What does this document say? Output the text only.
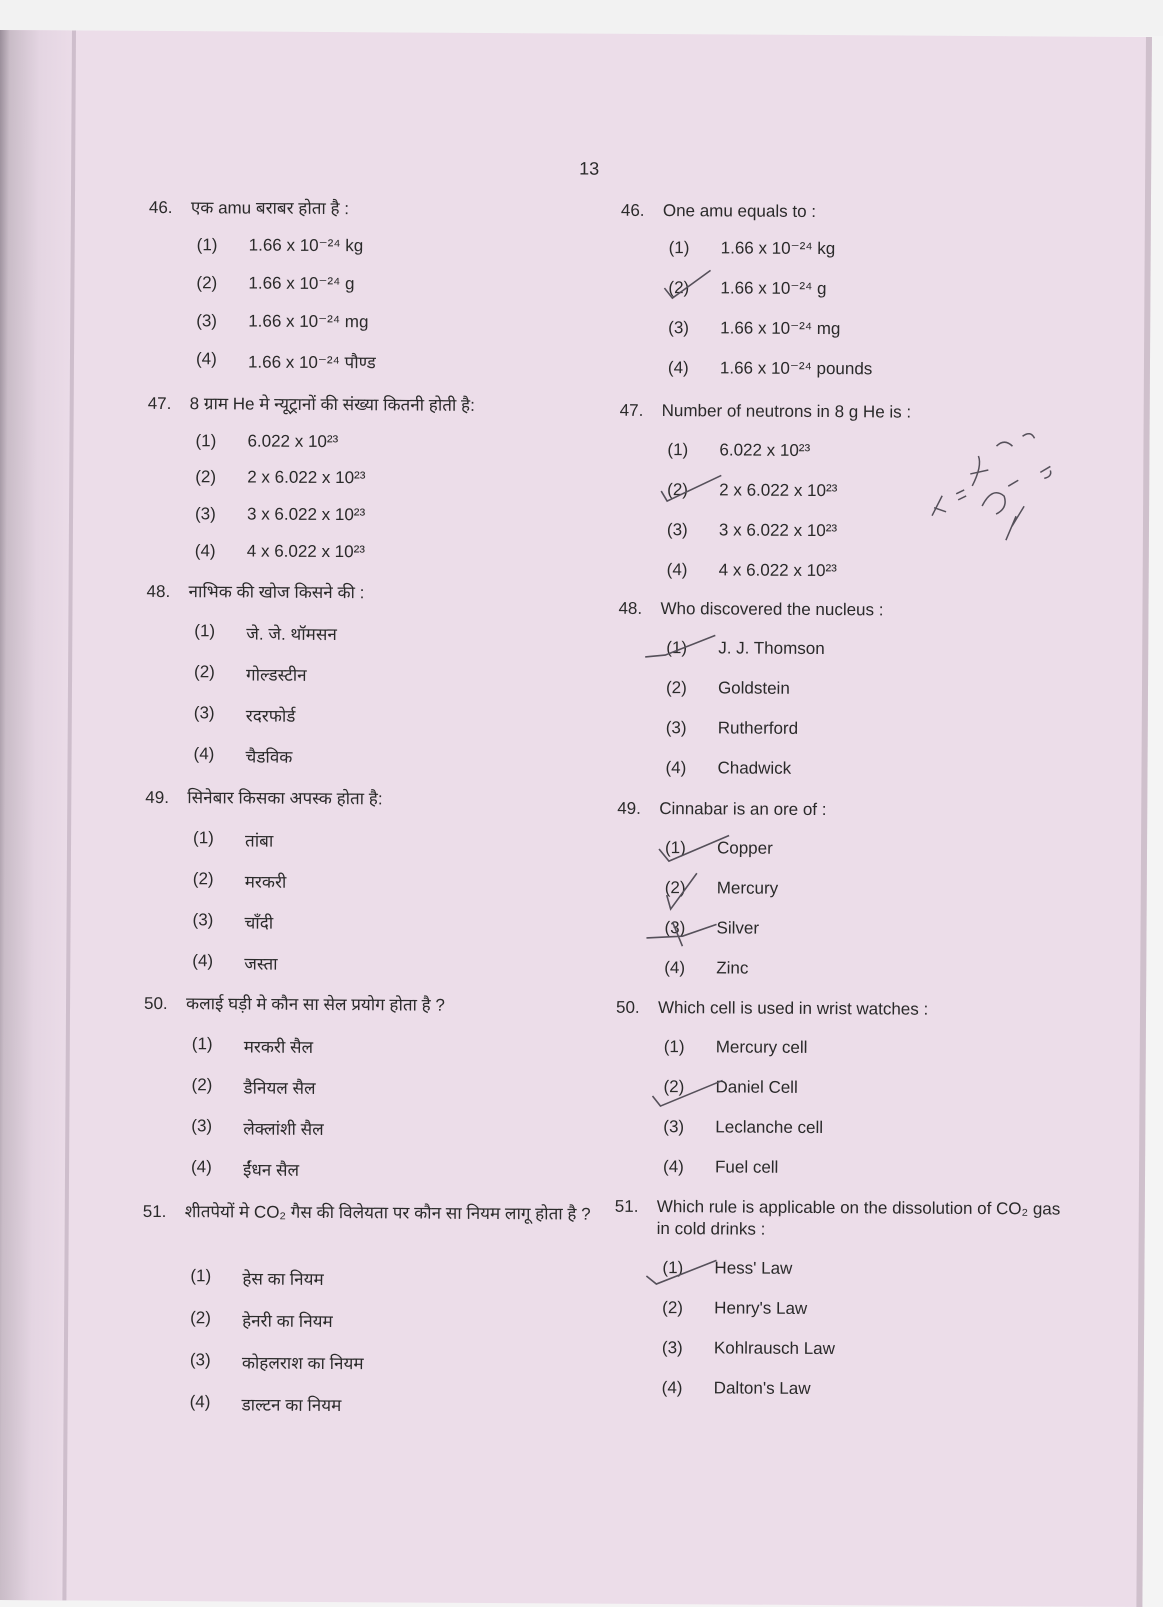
13
46.	एक amu बराबर होता है :
(1)	1.66 x 10⁻²⁴ kg
(2)	1.66 x 10⁻²⁴ g
(3)	1.66 x 10⁻²⁴ mg
(4)	1.66 x 10⁻²⁴ पौण्ड
47.	8 ग्राम He मे न्यूट्रानों की संख्या कितनी होती है:
(1)	6.022 x 10²³
(2)	2 x 6.022 x 10²³
(3)	3 x 6.022 x 10²³
(4)	4 x 6.022 x 10²³
48.	नाभिक की खोज किसने की :
(1)	जे. जे. थॉमसन
(2)	गोल्डस्टीन
(3)	रदरफोर्ड
(4)	चैडविक
49.	सिनेबार किसका अपस्क होता है:
(1)	तांबा
(2)	मरकरी
(3)	चाँदी
(4)	जस्ता
50.	कलाई घड़ी मे कौन सा सेल प्रयोग होता है ?
(1)	मरकरी सैल
(2)	डैनियल सैल
(3)	लेक्लांशी सैल
(4)	ईंधन सैल
51.	शीतपेयों मे CO₂ गैस की विलेयता पर कौन सा नियम लागू होता है ?
(1)	हेस का नियम
(2)	हेनरी का नियम
(3)	कोहलराश का नियम
(4)	डाल्टन का नियम
46.	One amu equals to :
(1)	1.66 x 10⁻²⁴ kg
(2)	1.66 x 10⁻²⁴ g
(3)	1.66 x 10⁻²⁴ mg
(4)	1.66 x 10⁻²⁴ pounds
47.	Number of neutrons in 8 g He is :
(1)	6.022 x 10²³
(2)	2 x 6.022 x 10²³
(3)	3 x 6.022 x 10²³
(4)	4 x 6.022 x 10²³
48.	Who discovered the nucleus :
(1)	J. J. Thomson
(2)	Goldstein
(3)	Rutherford
(4)	Chadwick
49.	Cinnabar is an ore of :
(1)	Copper
(2)	Mercury
(3)	Silver
(4)	Zinc
50.	Which cell is used in wrist watches :
(1)	Mercury cell
(2)	Daniel Cell
(3)	Leclanche cell
(4)	Fuel cell
51.	Which rule is applicable on the dissolution of CO₂ gas in cold drinks :
(1)	Hess' Law
(2)	Henry's Law
(3)	Kohlrausch Law
(4)	Dalton's Law
